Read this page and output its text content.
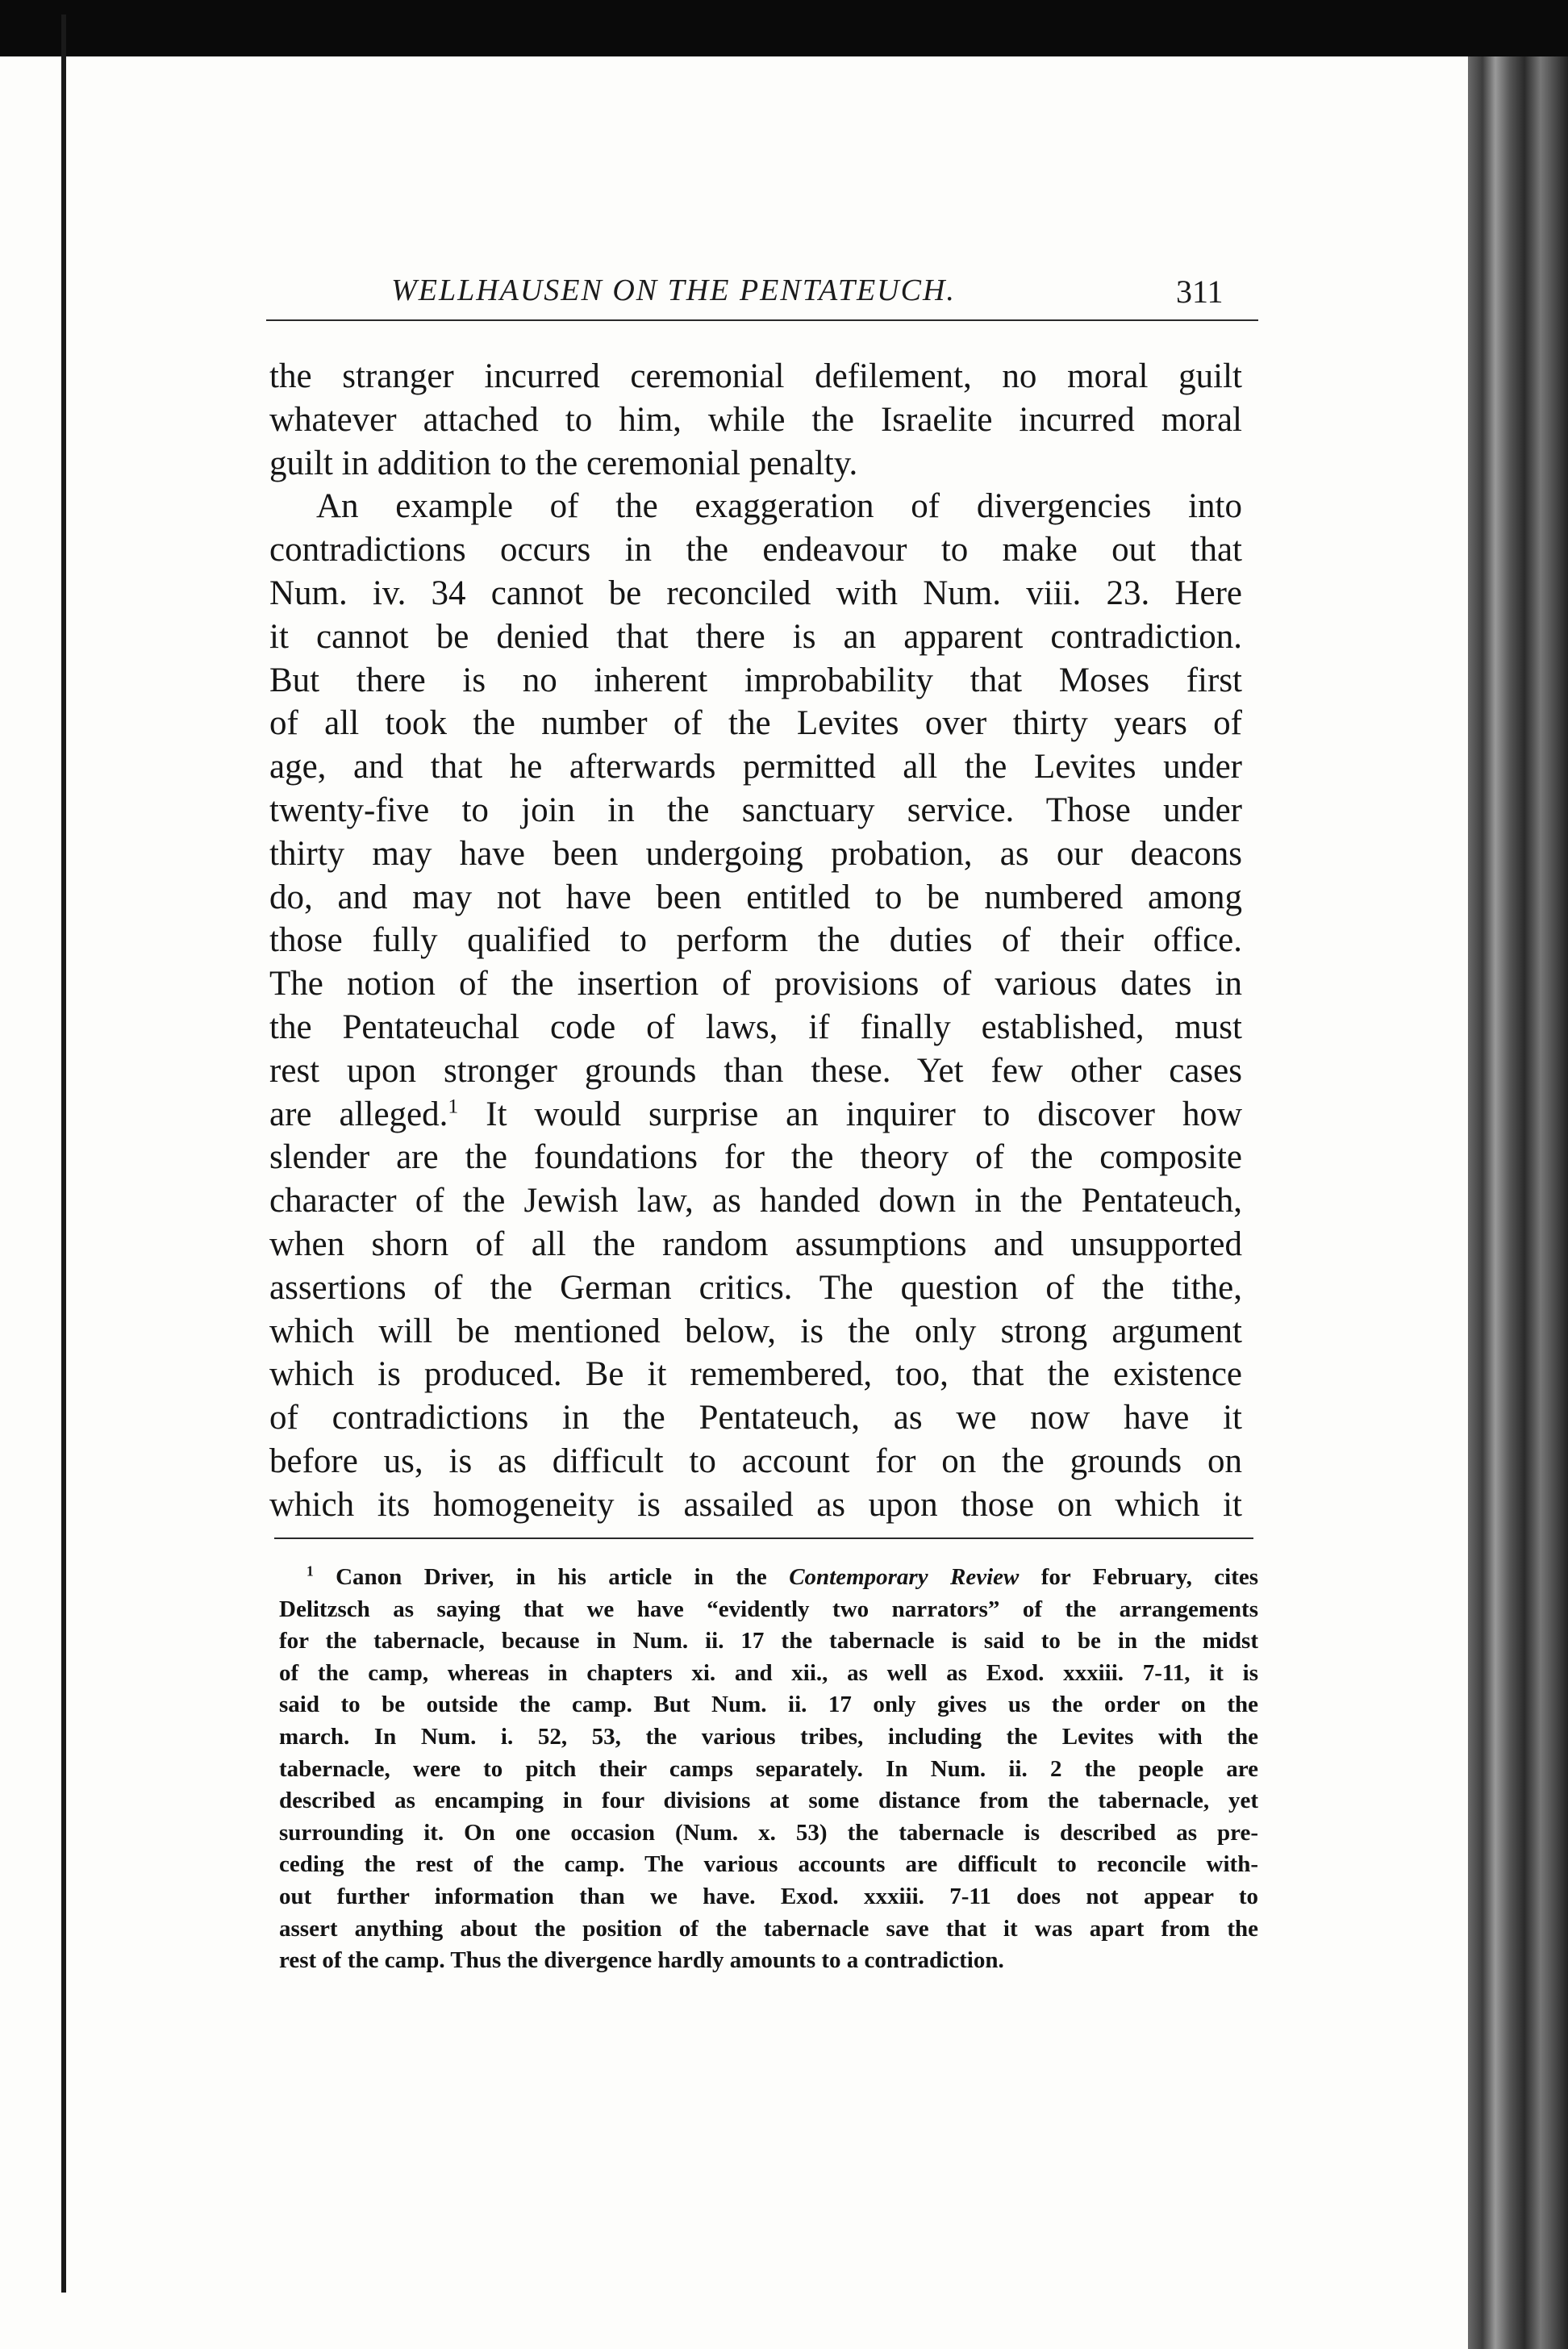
WELLHAUSEN ON THE PENTATEUCH.	311
the stranger incurred ceremonial defilement, no moral guilt
whatever attached to him, while the Israelite incurred moral
guilt in addition to the ceremonial penalty.
An example of the exaggeration of divergencies into
contradictions occurs in the endeavour to make out that
Num. iv. 34 cannot be reconciled with Num. viii. 23. Here
it cannot be denied that there is an apparent contradiction.
But there is no inherent improbability that Moses first
of all took the number of the Levites over thirty years of
age, and that he afterwards permitted all the Levites under
twenty-five to join in the sanctuary service. Those under
thirty may have been undergoing probation, as our deacons
do, and may not have been entitled to be numbered among
those fully qualified to perform the duties of their office.
The notion of the insertion of provisions of various dates in
the Pentateuchal code of laws, if finally established, must
rest upon stronger grounds than these. Yet few other cases
are alleged.$^1$ It would surprise an inquirer to discover how
slender are the foundations for the theory of the composite
character of the Jewish law, as handed down in the Pentateuch,
when shorn of all the random assumptions and unsupported
assertions of the German critics. The question of the tithe,
which will be mentioned below, is the only strong argument
which is produced. Be it remembered, too, that the existence
of contradictions in the Pentateuch, as we now have it
before us, is as difficult to account for on the grounds on
which its homogeneity is assailed as upon those on which it
$^1$ Canon Driver, in his article in the Contemporary Review for February, cites
Delitzsch as saying that we have “evidently two narrators” of the arrangements
for the tabernacle, because in Num. ii. 17 the tabernacle is said to be in the midst
of the camp, whereas in chapters xi. and xii., as well as Exod. xxxiii. 7-11, it is
said to be outside the camp. But Num. ii. 17 only gives us the order on the
march. In Num. i. 52, 53, the various tribes, including the Levites with the
tabernacle, were to pitch their camps separately. In Num. ii. 2 the people are
described as encamping in four divisions at some distance from the tabernacle, yet
surrounding it. On one occasion (Num. x. 53) the tabernacle is described as pre-
ceding the rest of the camp. The various accounts are difficult to reconcile with-
out further information than we have. Exod. xxxiii. 7-11 does not appear to
assert anything about the position of the tabernacle save that it was apart from the
rest of the camp. Thus the divergence hardly amounts to a contradiction.
